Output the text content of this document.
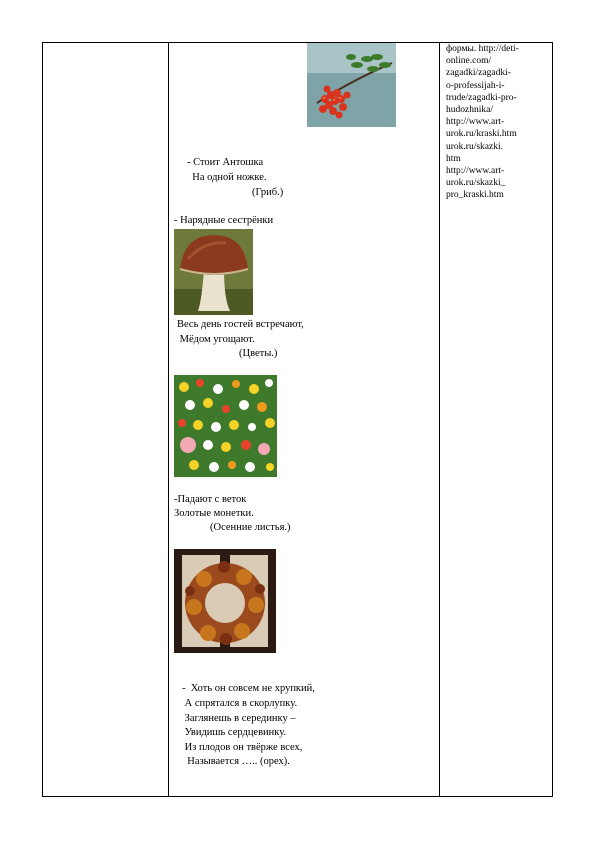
- Стоит Антошка
На одной ножке.
(Гриб.)
- Нарядные сестрёнки
Весь день гостей встречают,
Мёдом угощают.
(Цветы.)
-Падают с веток
Золотые монетки.
(Осенние листья.)
-  Хоть он совсем не хрупкий,
А спрятался в скорлупку.
Заглянешь в серединку –
Увидишь сердцевинку.
Из плодов он твёрже всех,
Называется ….. (орех).
формы. http://deti-
online.com/
zagadki/zagadki-
o-professijah-i-
trude/zagadki-pro-
hudozhnika/
http://www.art-
urok.ru/kraski.htm
urok.ru/skazki.
htm
http://www.art-
urok.ru/skazki_
pro_kraski.htm
